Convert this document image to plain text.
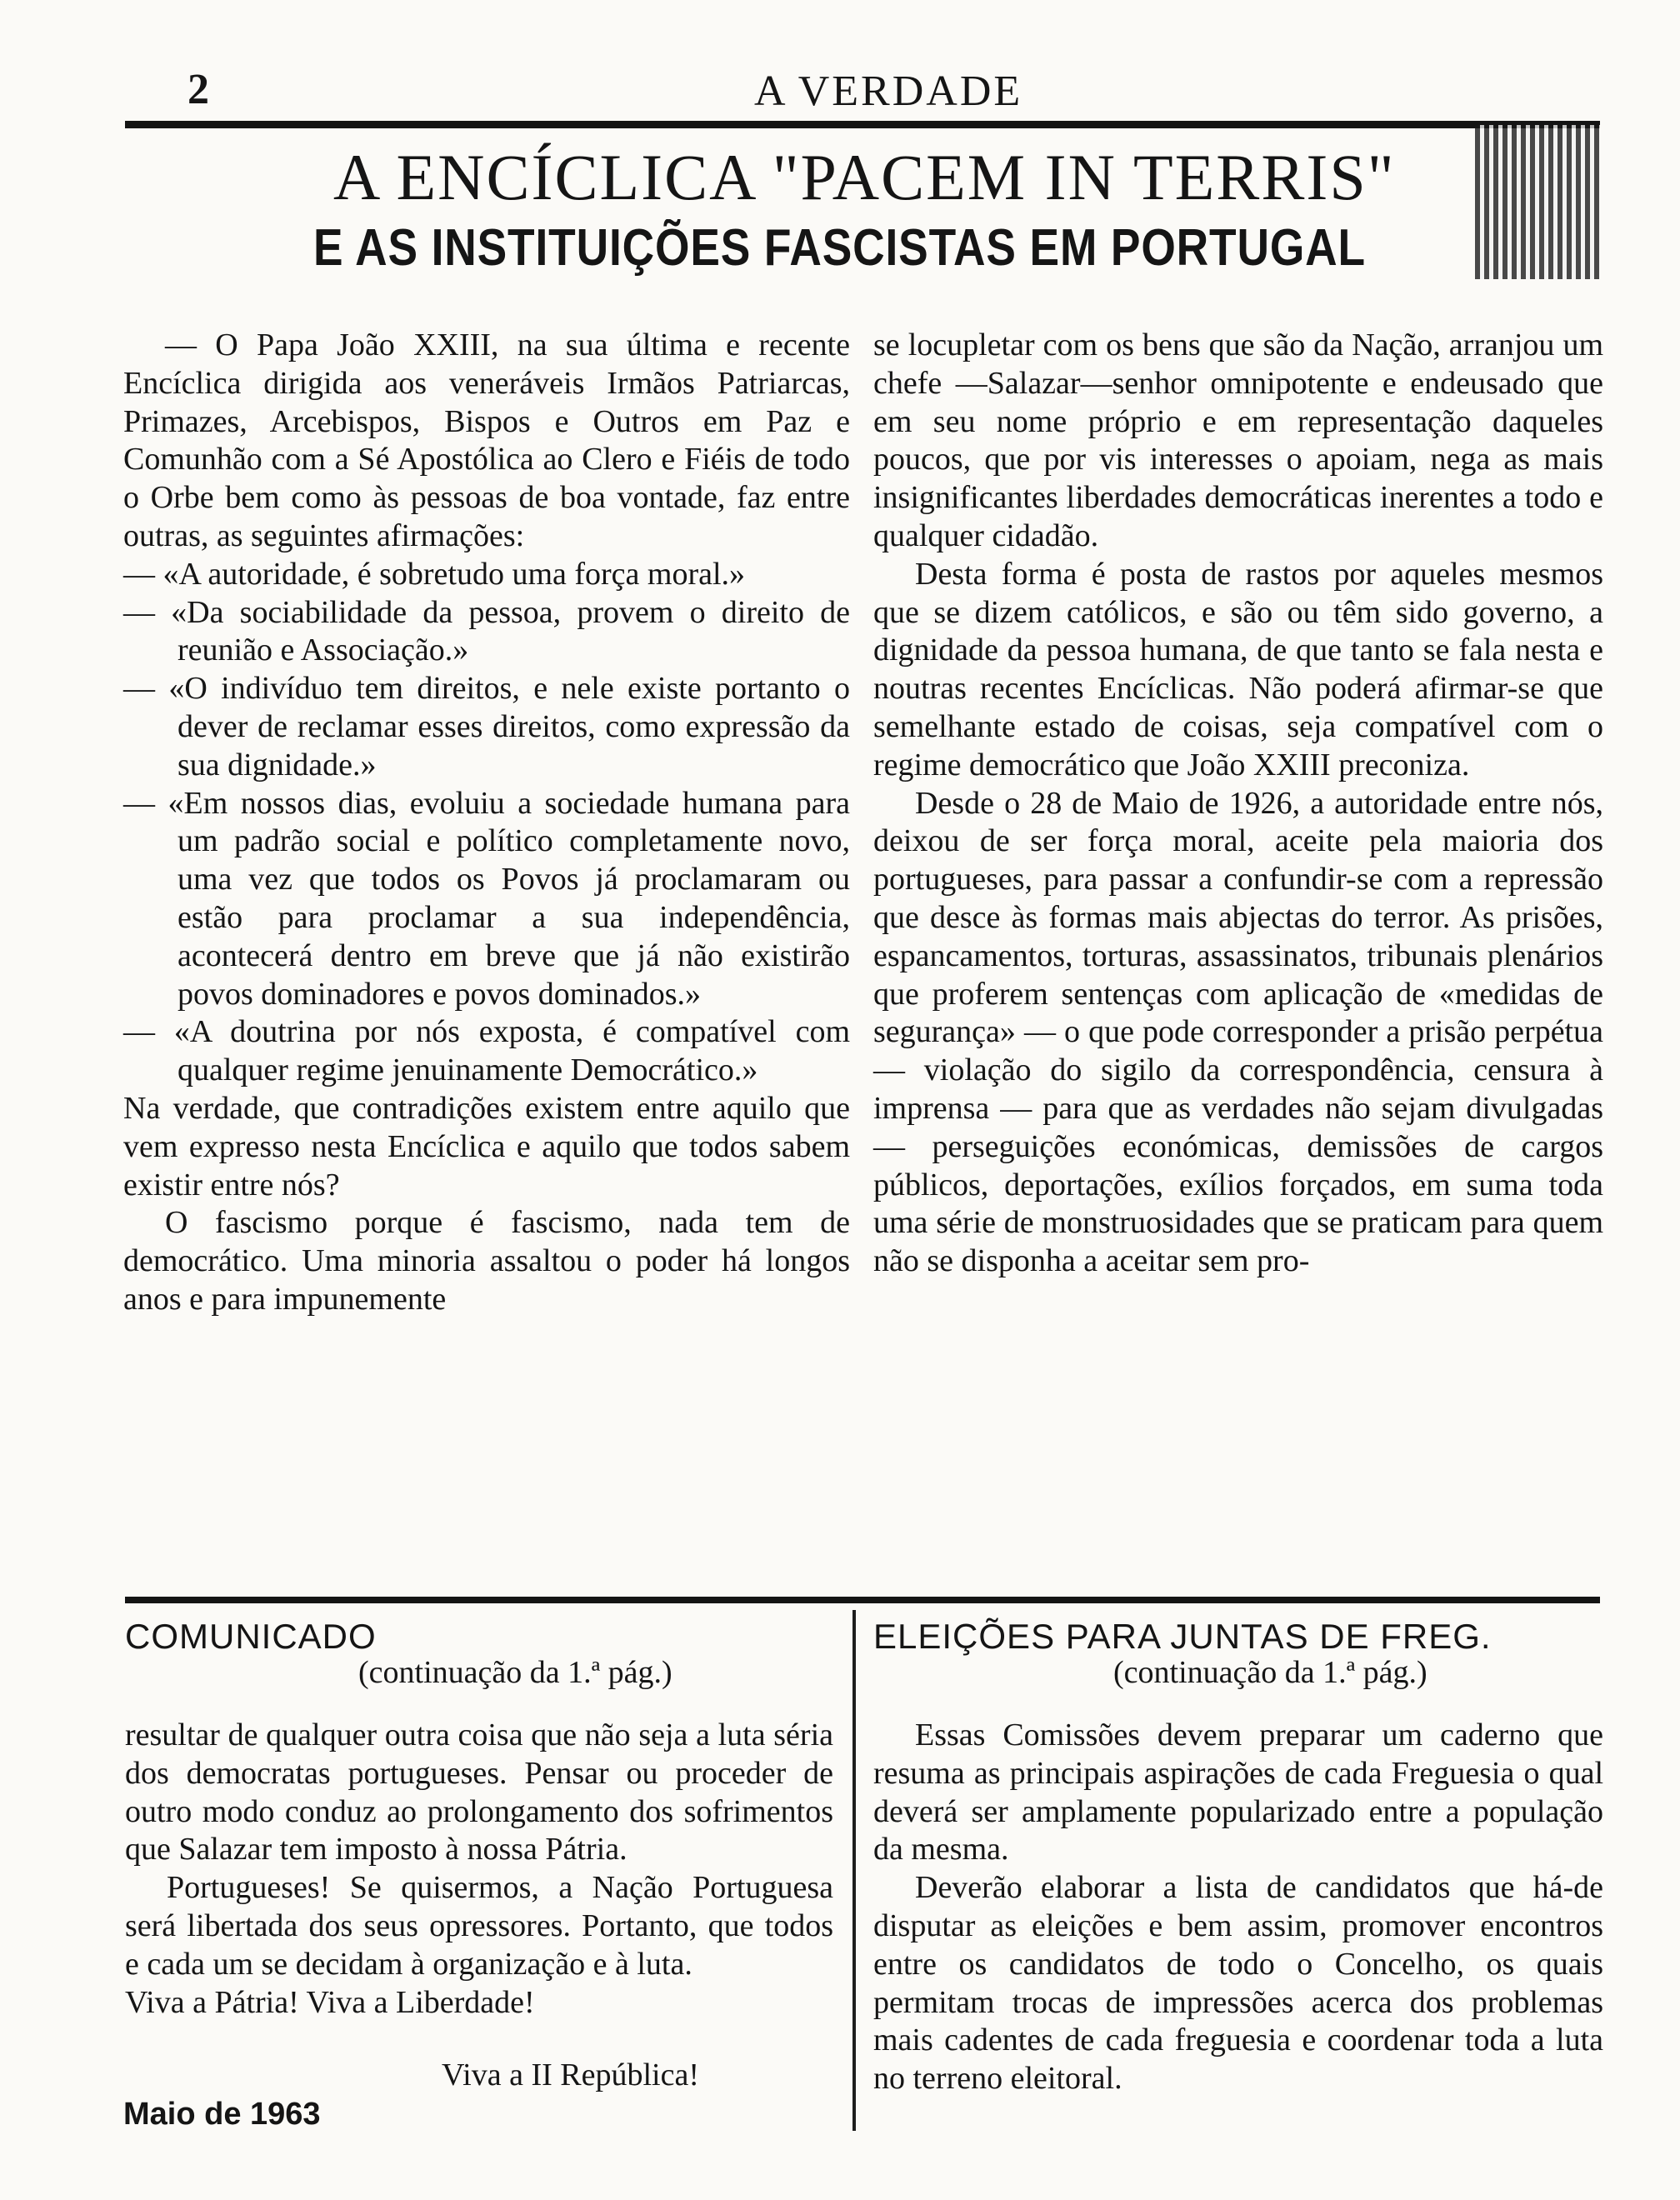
2	A VERDADE
A ENCÍCLICA "PACEM IN TERRIS"
E AS INSTITUIÇÕES FASCISTAS EM PORTUGAL

— O Papa João XXIII, na sua última e recente Encíclica dirigida aos veneráveis Irmãos Patriarcas, Primazes, Arcebispos, Bispos e Outros em Paz e Comunhão com a Sé Apostólica ao Clero e Fiéis de todo o Orbe bem como às pessoas de boa vontade, faz entre outras, as seguintes afirmações:

— «A autoridade, é sobretudo uma força moral.»

— «Da sociabilidade da pessoa, provem o direito de reunião e Associação.»

— «O indivíduo tem direitos, e nele existe portanto o dever de reclamar esses direitos, como expressão da sua dignidade.»

— «Em nossos dias, evoluiu a sociedade humana para um padrão social e político completamente novo, uma vez que todos os Povos já proclamaram ou estão para proclamar a sua independência, acontecerá dentro em breve que já não existirão povos dominadores e povos dominados.»

— «A doutrina por nós exposta, é compatível com qualquer regime jenuinamente Democrático.»

Na verdade, que contradições existem entre aquilo que vem expresso nesta Encíclica e aquilo que todos sabem existir entre nós?

O fascismo porque é fascismo, nada tem de democrático. Uma minoria assaltou o poder há longos anos e para impunemente

se locupletar com os bens que são da Nação, arranjou um chefe —Salazar—senhor omnipotente e endeusado que em seu nome próprio e em representação daqueles poucos, que por vis interesses o apoiam, nega as mais insignificantes liberdades democráticas inerentes a todo e qualquer cidadão.

Desta forma é posta de rastos por aqueles mesmos que se dizem católicos, e são ou têm sido governo, a dignidade da pessoa humana, de que tanto se fala nesta e noutras recentes Encíclicas. Não poderá afirmar-se que semelhante estado de coisas, seja compatível com o regime democrático que João XXIII preconiza.

Desde o 28 de Maio de 1926, a autoridade entre nós, deixou de ser força moral, aceite pela maioria dos portugueses, para passar a confundir-se com a repressão que desce às formas mais abjectas do terror. As prisões, espancamentos, torturas, assassinatos, tribunais plenários que proferem sentenças com aplicação de «medidas de segurança» — o que pode corresponder a prisão perpétua — violação do sigilo da correspondência, censura à imprensa — para que as verdades não sejam divulgadas — perseguições económicas, demissões de cargos públicos, deportações, exílios forçados, em suma toda uma série de monstruosidades que se praticam para quem não se disponha a aceitar sem pro-

COMUNICADO
(continuação da 1.ª pág.)

resultar de qualquer outra coisa que não seja a luta séria dos democratas portugueses. Pensar ou proceder de outro modo conduz ao prolongamento dos sofrimentos que Salazar tem imposto à nossa Pátria.

Portugueses! Se quisermos, a Nação Portuguesa será libertada dos seus opressores. Portanto, que todos e cada um se decidam à organização e à luta.

Viva a Pátria! Viva a Liberdade!

Viva a II República!
Maio de 1963
ELEIÇÕES PARA JUNTAS DE FREG.
(continuação da 1.ª pág.)

Essas Comissões devem preparar um caderno que resuma as principais aspirações de cada Freguesia o qual deverá ser amplamente popularizado entre a população da mesma.

Deverão elaborar a lista de candidatos que há-de disputar as eleições e bem assim, promover encontros entre os candidatos de todo o Concelho, os quais permitam trocas de impressões acerca dos problemas mais cadentes de cada freguesia e coordenar toda a luta no terreno eleitoral.
